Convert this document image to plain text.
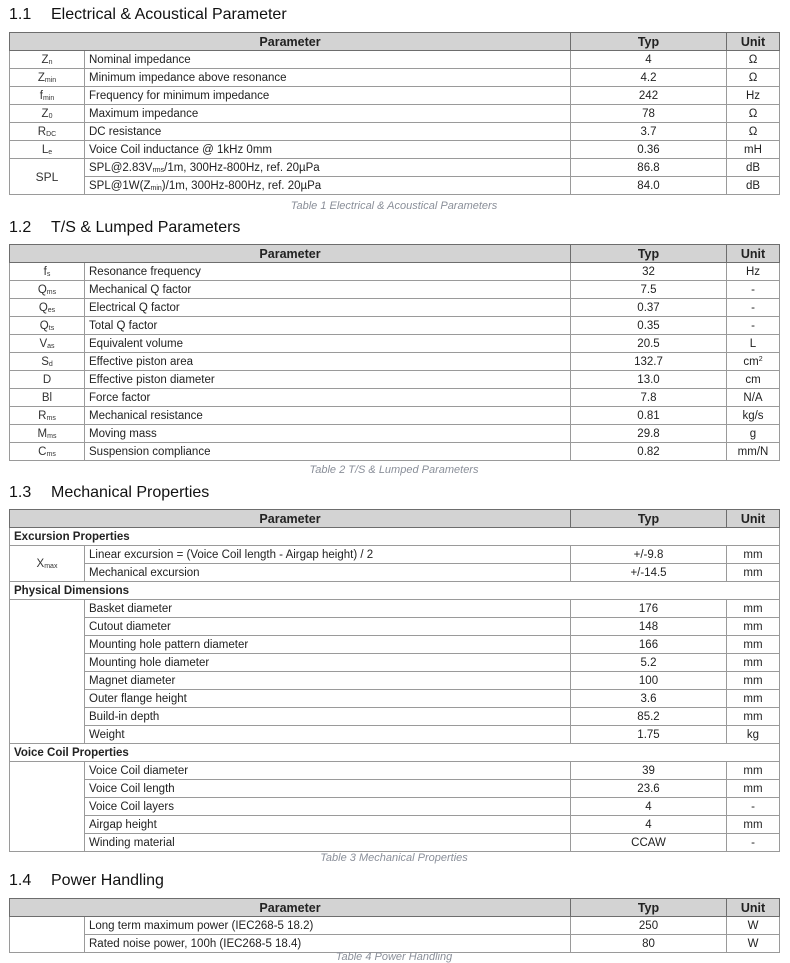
1.1 Electrical & Acoustical Parameter
Parameter		Typ	Unit
$Z_n$	Nominal impedance	4	Ω
$Z_{min}$	Minimum impedance above resonance	4.2	Ω
$f_{min}$	Frequency for minimum impedance	242	Hz
$Z_0$	Maximum impedance	78	Ω
$R_{DC}$	DC resistance	3.7	Ω
$L_e$	Voice Coil inductance @ 1kHz 0mm	0.36	mH
SPL	SPL@2.83Vrms/1m, 300Hz-800Hz, ref. 20µPa	86.8	dB
	SPL@1W(Zmin)/1m, 300Hz-800Hz, ref. 20µPa	84.0	dB
Table 1 Electrical & Acoustical Parameters
1.2 T/S & Lumped Parameters
Parameter		Typ	Unit
$f_s$	Resonance frequency	32	Hz
$Q_{ms}$	Mechanical Q factor	7.5	-
$Q_{es}$	Electrical Q factor	0.37	-
$Q_{ts}$	Total Q factor	0.35	-
$V_{as}$	Equivalent volume	20.5	L
$S_d$	Effective piston area	132.7	$cm^2$
D	Effective piston diameter	13.0	cm
Bl	Force factor	7.8	N/A
$R_{ms}$	Mechanical resistance	0.81	kg/s
$M_{ms}$	Moving mass	29.8	g
$C_{ms}$	Suspension compliance	0.82	mm/N
Table 2 T/S & Lumped Parameters
1.3 Mechanical Properties
Parameter		Typ	Unit
Excursion Properties			
$X_{max}$	Linear excursion = (Voice Coil length - Airgap height) / 2	+/-9.8	mm
	Mechanical excursion	+/-14.5	mm
Physical Dimensions			
	Basket diameter	176	mm
	Cutout diameter	148	mm
	Mounting hole pattern diameter	166	mm
	Mounting hole diameter	5.2	mm
	Magnet diameter	100	mm
	Outer flange height	3.6	mm
	Build-in depth	85.2	mm
	Weight	1.75	kg
Voice Coil Properties			
	Voice Coil diameter	39	mm
	Voice Coil length	23.6	mm
	Voice Coil layers	4	-
	Airgap height	4	mm
	Winding material	CCAW	-
Table 3 Mechanical Properties
1.4 Power Handling
Parameter		Typ	Unit
	Long term maximum power (IEC268-5 18.2)	250	W
	Rated noise power, 100h (IEC268-5 18.4)	80	W
Table 4 Power Handling
